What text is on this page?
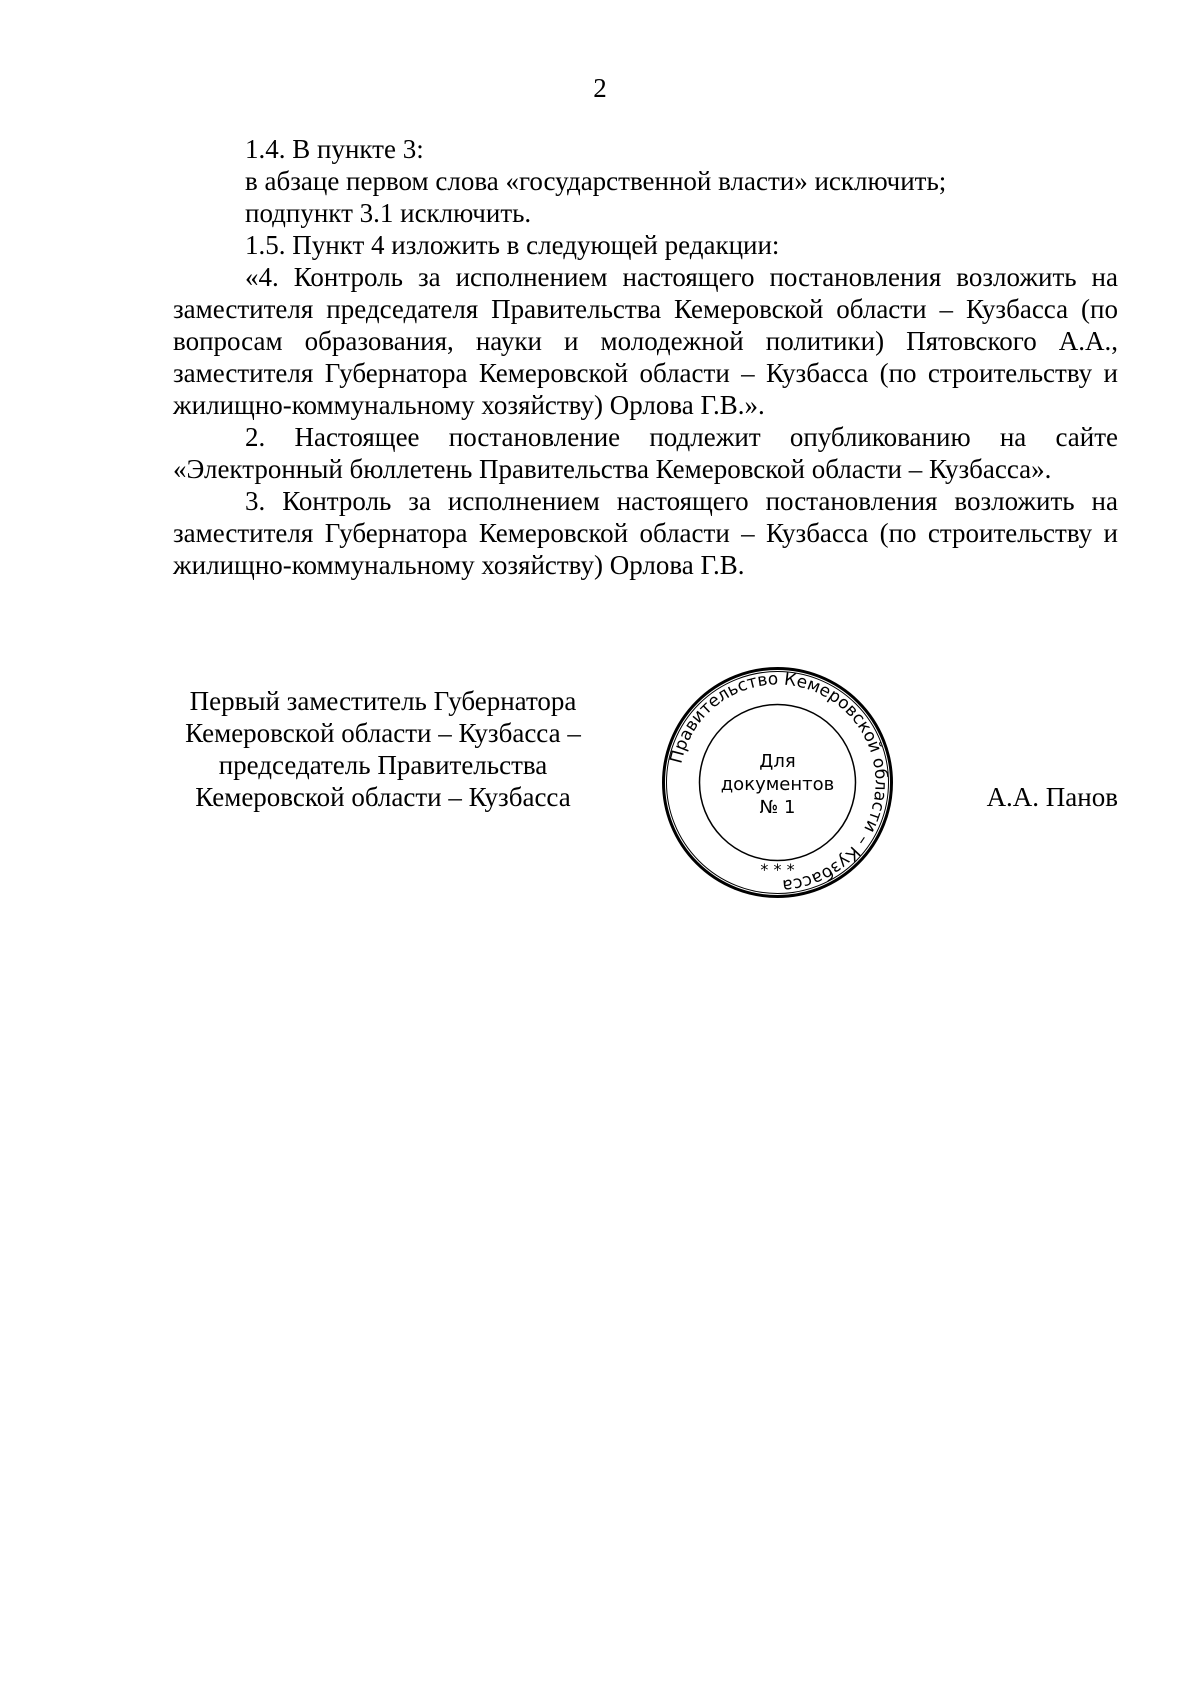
2

1.4. В пункте 3:

в абзаце первом слова «государственной власти» исключить;

подпункт 3.1 исключить.

1.5. Пункт 4 изложить в следующей редакции:

«4. Контроль за исполнением настоящего постановления возложить на заместителя председателя Правительства Кемеровской области – Кузбасса (по вопросам образования, науки и молодежной политики) Пятовского А.А., заместителя Губернатора Кемеровской области – Кузбасса (по строительству и жилищно-коммунальному хозяйству) Орлова Г.В.».

2. Настоящее постановление подлежит опубликованию на сайте «Электронный бюллетень Правительства Кемеровской области – Кузбасса».

3. Контроль за исполнением настоящего постановления возложить на заместителя Губернатора Кемеровской области – Кузбасса (по строительству и жилищно-коммунальному хозяйству) Орлова Г.В.

Первый заместитель Губернатора
Кемеровской области – Кузбасса –
председатель Правительства
Кемеровской области – Кузбасса
Правительство Кемеровской области – Кузбасса
Для
документов
№ 1
* * *
А.А. Панов
